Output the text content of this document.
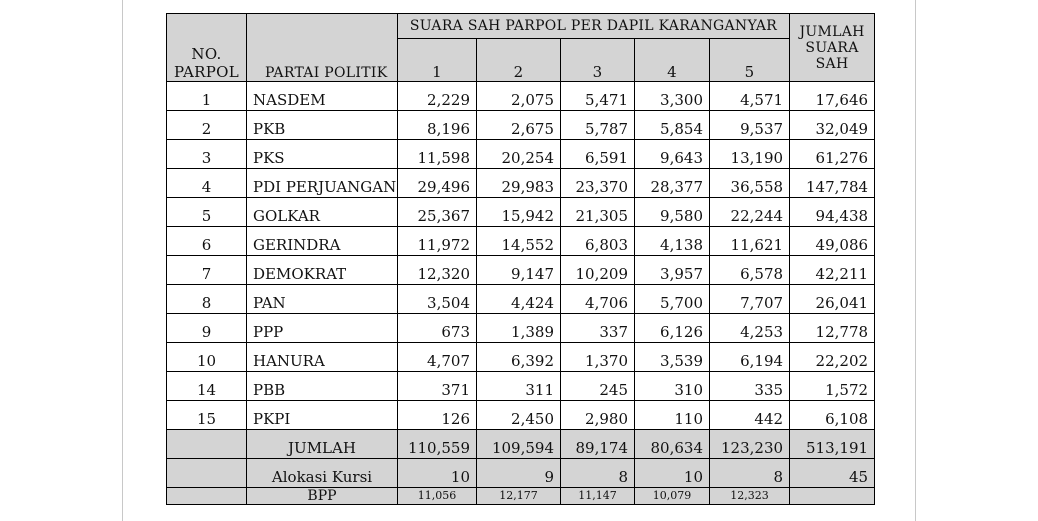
NO.
PARPOL	PARTAI POLITIK	SUARA SAH PARPOL PER DAPIL KARANGANYAR					JUMLAH
SUARA
SAH

		1	2	3	4	5	
1	NASDEM	2,229	2,075	5,471	3,300	4,571	17,646
2	PKB	8,196	2,675	5,787	5,854	9,537	32,049
3	PKS	11,598	20,254	6,591	9,643	13,190	61,276
4	PDI PERJUANGAN	29,496	29,983	23,370	28,377	36,558	147,784
5	GOLKAR	25,367	15,942	21,305	9,580	22,244	94,438
6	GERINDRA	11,972	14,552	6,803	4,138	11,621	49,086
7	DEMOKRAT	12,320	9,147	10,209	3,957	6,578	42,211
8	PAN	3,504	4,424	4,706	5,700	7,707	26,041
9	PPP	673	1,389	337	6,126	4,253	12,778
10	HANURA	4,707	6,392	1,370	3,539	6,194	22,202
14	PBB	371	311	245	310	335	1,572
15	PKPI	126	2,450	2,980	110	442	6,108
	JUMLAH	110,559	109,594	89,174	80,634	123,230	513,191
	Alokasi Kursi	10	9	8	10	8	45
	BPP	11,056	12,177	11,147	10,079	12,323	
